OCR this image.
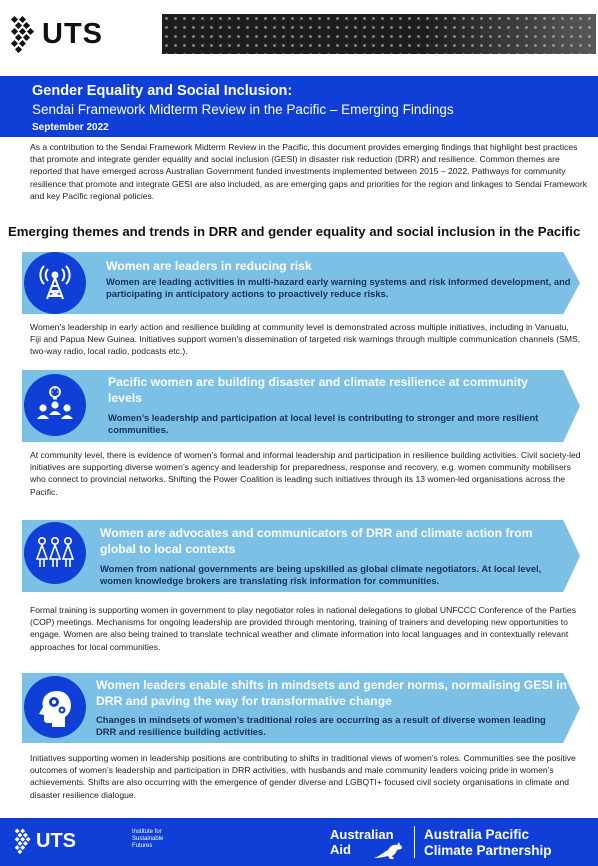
UTS
Gender Equality and Social Inclusion:
Sendai Framework Midterm Review in the Pacific – Emerging Findings
September 2022

As a contribution to the Sendai Framework Midterm Review in the Pacific, this document provides emerging findings that highlight best practices that promote and integrate gender equality and social inclusion (GESI) in disaster risk reduction (DRR) and resilience. Common themes are reported that have emerged across Australian Government funded investments implemented between 2015 – 2022. Pathways for community resilience that promote and integrate GESI are also included, as are emerging gaps and priorities for the region and linkages to Sendai Framework and key Pacific regional policies.

Emerging themes and trends in DRR and gender equality and social inclusion in the Pacific
Women are leaders in reducing risk
Women are leading activities in multi-hazard early warning systems and risk informed development, and participating in anticipatory actions to proactively reduce risks.

Women’s leadership in early action and resilience building at community level is demonstrated across multiple initiatives, including in Vanuatu, Fiji and Papua New Guinea. Initiatives support women’s dissemination of targeted risk warnings through multiple communication channels (SMS, two-way radio, local radio, podcasts etc.).

Pacific women are building disaster and climate resilience at community levels
Women’s leadership and participation at local level is contributing to stronger and more resilient communities.

At community level, there is evidence of women’s formal and informal leadership and participation in resilience building activities. Civil society-led initiatives are supporting diverse women’s agency and leadership for preparedness, response and recovery, e.g. women community mobilisers who connect to provincial networks. Shifting the Power Coalition is leading such initiatives through its 13 women-led organisations across the Pacific.

Women are advocates and communicators of DRR and climate action from global to local contexts
Women from national governments are being upskilled as global climate negotiators. At local level, women knowledge brokers are translating risk information for communities.

Formal training is supporting women in government to play negotiator roles in national delegations to global UNFCCC Conference of the Parties (COP) meetings. Mechanisms for ongoing leadership are provided through mentoring, training of trainers and developing new opportunities to engage. Women are also being trained to translate technical weather and climate information into local languages and in contextually relevant approaches for local communities.

Women leaders enable shifts in mindsets and gender norms, normalising GESI in DRR and paving the way for transformative change
Changes in mindsets of women’s traditional roles are occurring as a result of diverse women leading DRR and resilience building activities.

Initiatives supporting women in leadership positions are contributing to shifts in traditional views of women’s roles. Communities see the positive outcomes of women’s leadership and participation in DRR activities, with husbands and male community leaders voicing pride in women’s achievements. Shifts are also occurring with the emergence of gender diverse and LGBQTI+ focused civil society organisations in climate and disaster resilience dialogue.

UTS	Institute for
Sustainable
Futures
Australian
Aid
Australia Pacific
Climate Partnership
